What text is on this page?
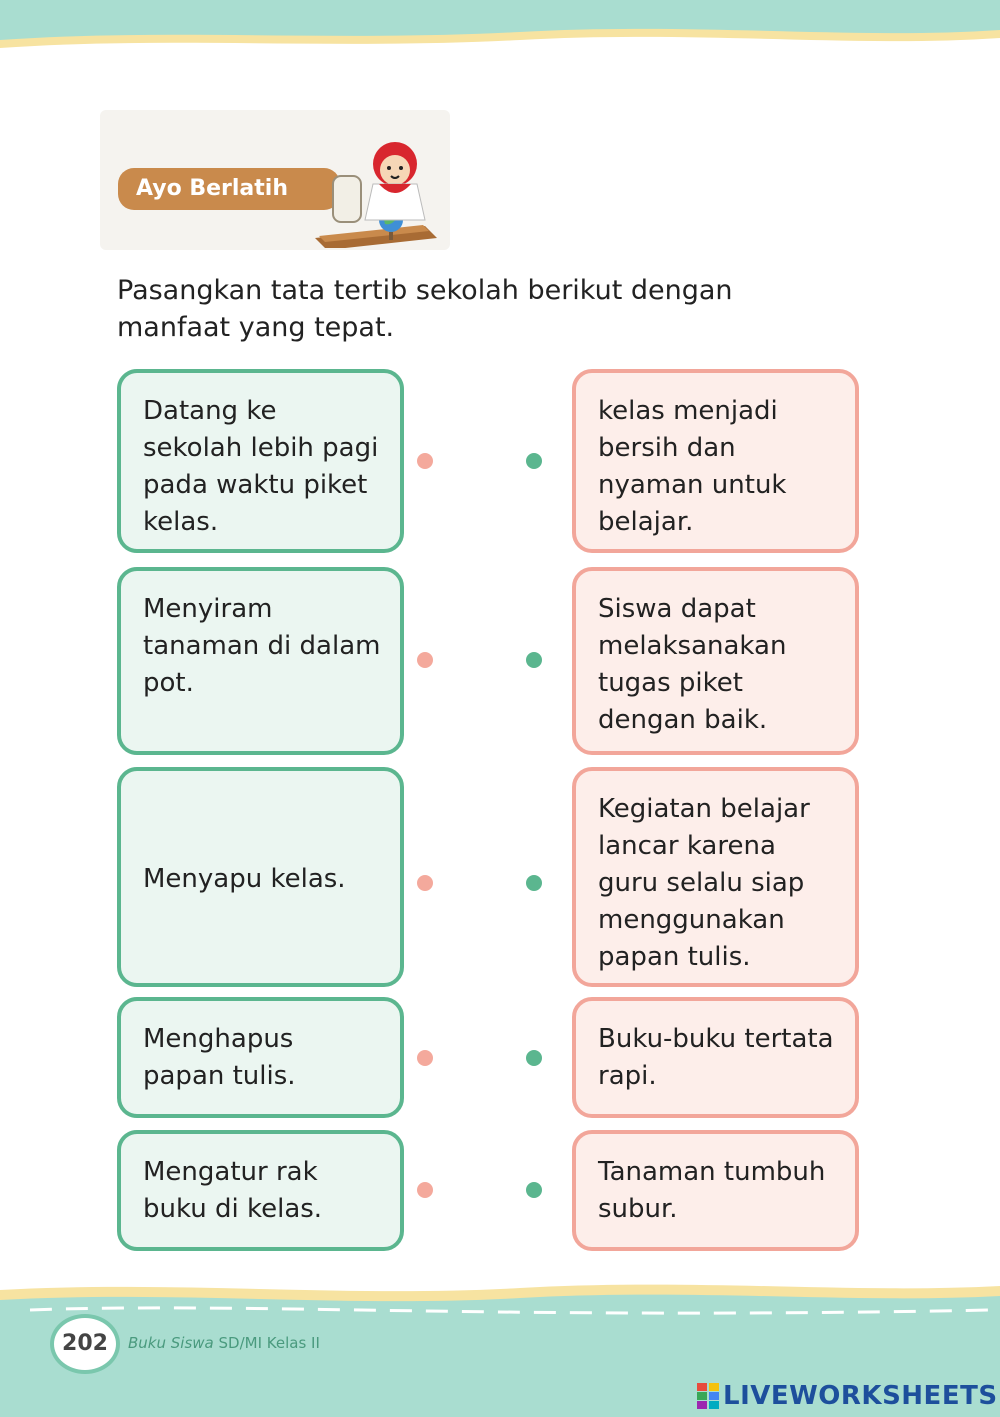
Ayo Berlatih
Pasangkan tata tertib sekolah berikut dengan manfaat yang tepat.
Datang ke sekolah lebih pagi pada waktu piket kelas.
Menyiram tanaman di dalam pot.
Menyapu kelas.
Menghapus papan tulis.
Mengatur rak buku di kelas.
kelas menjadi bersih dan nyaman untuk belajar.
Siswa dapat melaksanakan tugas piket dengan baik.
Kegiatan belajar lancar karena guru selalu siap menggunakan papan tulis.
Buku-buku tertata rapi.
Tanaman tumbuh subur.
202	Buku Siswa SD/MI Kelas II
LIVEWORKSHEETS
